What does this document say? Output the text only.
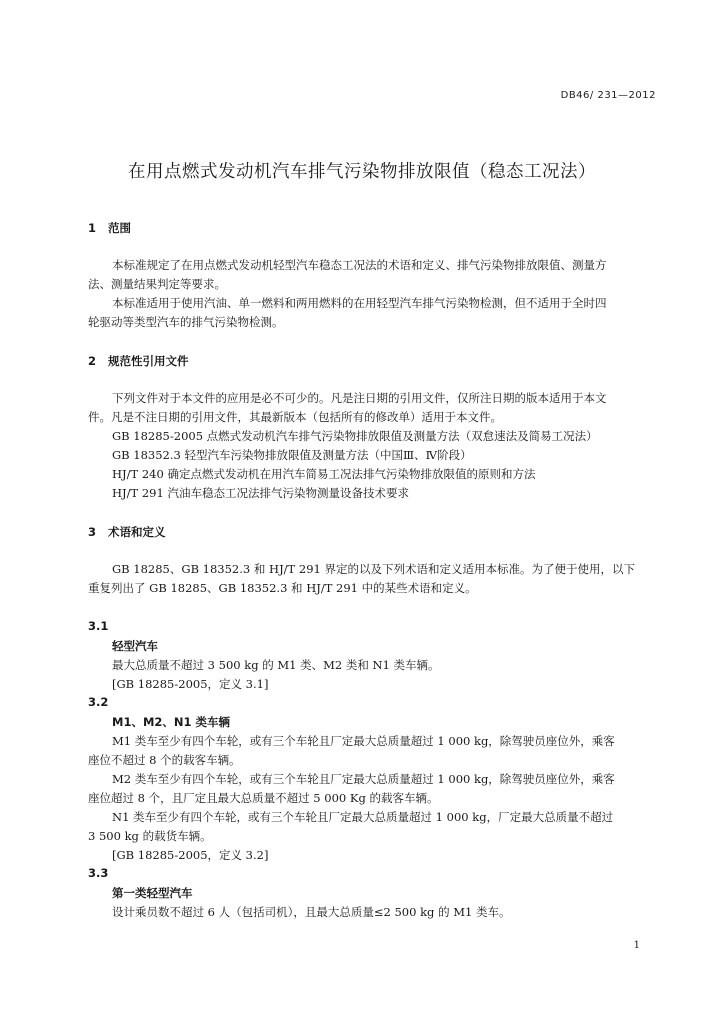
DB46/ 231—2012
在用点燃式发动机汽车排气污染物排放限值（稳态工况法）
1 范围
本标准规定了在用点燃式发动机轻型汽车稳态工况法的术语和定义、排气污染物排放限值、测量方
法、测量结果判定等要求。
本标准适用于使用汽油、单一燃料和两用燃料的在用轻型汽车排气污染物检测，但不适用于全时四
轮驱动等类型汽车的排气污染物检测。
2 规范性引用文件
下列文件对于本文件的应用是必不可少的。凡是注日期的引用文件，仅所注日期的版本适用于本文
件。凡是不注日期的引用文件，其最新版本（包括所有的修改单）适用于本文件。
GB 18285-2005 点燃式发动机汽车排气污染物排放限值及测量方法（双怠速法及简易工况法）
GB 18352.3 轻型汽车污染物排放限值及测量方法（中国Ⅲ、Ⅳ阶段）
HJ/T 240 确定点燃式发动机在用汽车简易工况法排气污染物排放限值的原则和方法
HJ/T 291 汽油车稳态工况法排气污染物测量设备技术要求
3 术语和定义
GB 18285、GB 18352.3 和 HJ/T 291 界定的以及下列术语和定义适用本标准。为了便于使用，以下
重复列出了 GB 18285、GB 18352.3 和 HJ/T 291 中的某些术语和定义。
3.1
轻型汽车
最大总质量不超过 3 500 kg 的 M1 类、M2 类和 N1 类车辆。
[GB 18285-2005，定义 3.1]
3.2
M1、M2、N1 类车辆
M1 类车至少有四个车轮，或有三个车轮且厂定最大总质量超过 1 000 kg，除驾驶员座位外，乘客
座位不超过 8 个的载客车辆。
M2 类车至少有四个车轮，或有三个车轮且厂定最大总质量超过 1 000 kg，除驾驶员座位外，乘客
座位超过 8 个，且厂定且最大总质量不超过 5 000 Kg 的载客车辆。
N1 类车至少有四个车轮，或有三个车轮且厂定最大总质量超过 1 000 kg，厂定最大总质量不超过
3 500 kg 的载货车辆。
[GB 18285-2005，定义 3.2]
3.3
第一类轻型汽车
设计乘员数不超过 6 人（包括司机），且最大总质量≤2 500 kg 的 M1 类车。
1
